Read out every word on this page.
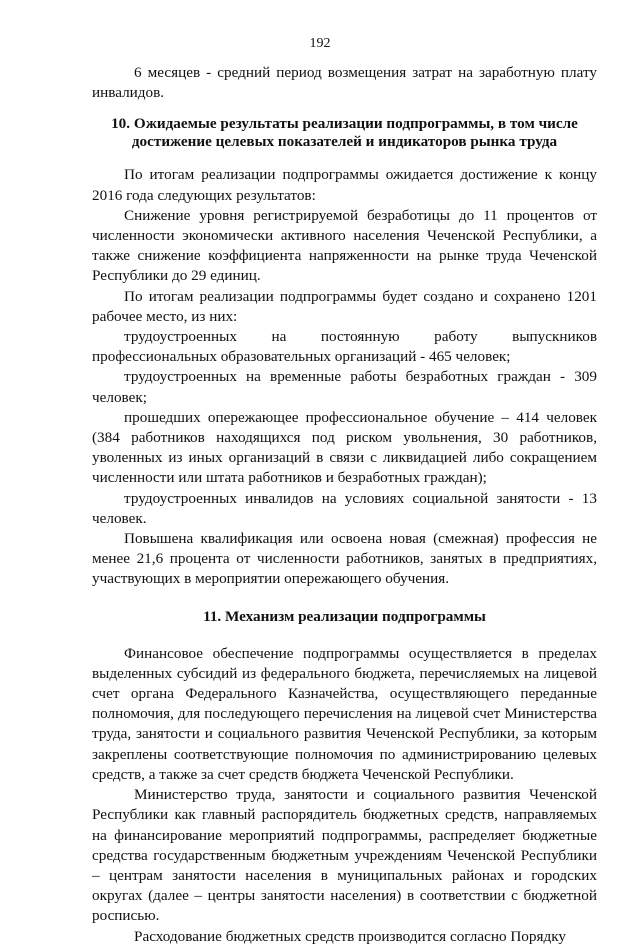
192

6 месяцев - средний период возмещения затрат на заработную плату инвалидов.

10. Ожидаемые результаты реализации подпрограммы, в том числе достижение целевых показателей и индикаторов рынка труда

По итогам реализации подпрограммы ожидается достижение к концу 2016 года следующих результатов:

Снижение уровня регистрируемой безработицы до 11 процентов от численности экономически активного населения Чеченской Республики, а также снижение коэффициента напряженности на рынке труда Чеченской Республики до 29 единиц.

По итогам реализации подпрограммы будет создано и сохранено 1201 рабочее место, из них:

трудоустроенных на постоянную работу выпускников профессиональных образовательных организаций - 465 человек;

трудоустроенных на временные работы безработных граждан - 309 человек;

прошедших опережающее профессиональное обучение – 414 человек (384 работников находящихся под риском увольнения, 30 работников, уволенных из иных организаций в связи с ликвидацией либо сокращением численности или штата работников и безработных граждан);

трудоустроенных инвалидов на условиях социальной занятости - 13 человек.

Повышена квалификация или освоена новая (смежная) профессия не менее 21,6 процента от численности работников, занятых в предприятиях, участвующих в мероприятии опережающего обучения.

11. Механизм реализации подпрограммы

Финансовое обеспечение подпрограммы осуществляется в пределах выделенных субсидий из федерального бюджета, перечисляемых на лицевой счет органа Федерального Казначейства, осуществляющего переданные полномочия, для последующего перечисления на лицевой счет Министерства труда, занятости и социального развития Чеченской Республики, за которым закреплены соответствующие полномочия по администрированию целевых средств, а также за счет средств бюджета Чеченской Республики.

Министерство труда, занятости и социального развития Чеченской Республики как главный распорядитель бюджетных средств, направляемых на финансирование мероприятий подпрограммы, распределяет бюджетные средства государственным бюджетным учреждениям Чеченской Республики – центрам занятости населения в муниципальных районах и городских округах (далее – центры занятости населения) в соответствии с бюджетной росписью.

Расходование бюджетных средств производится согласно Порядку
